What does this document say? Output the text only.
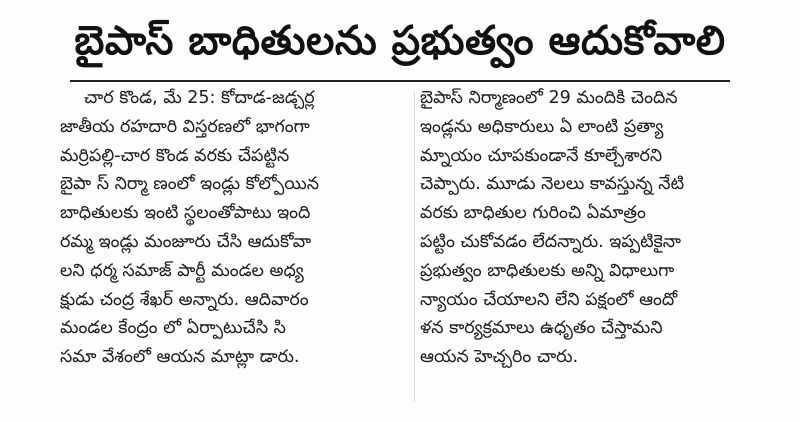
బైపాస్ బాధితులను ప్రభుత్వం ఆదుకోవాలి
చార కొండ, మే 25: కోదాడ-జడ్చర్ల
జాతీయ రహదారి విస్తరణలో భాగంగా
మర్రిపల్లి-చార కొండ వరకు చేపట్టిన
బైపా స్ నిర్మా ణంలో ఇండ్లు కోల్పోయిన
బాధితులకు ఇంటి స్థలంతోపాటు ఇంది
రమ్మ ఇండ్లు మంజూరు చేసి ఆదుకోవా
లని ధర్మ సమాజ్ పార్టీ మండల అధ్య
క్షుడు చంద్ర శేఖర్ అన్నారు. ఆదివారం
మండల కేంద్రం లో ఏర్పాటుచేసి సి
సమా వేశంలో ఆయన మాట్లా డారు.
బైపాస్ నిర్మాణంలో 29 మందికి చెందిన
ఇండ్లను అధికారులు ఏ లాంటి ప్రత్యా
మ్నాయం చూపకుండానే కూల్చేశారని
చెప్పారు. మూడు నెలలు కావస్తున్న నేటి
వరకు బాధితుల గురించి ఏమాత్రం
పట్టిం చుకోవడం లేదన్నారు. ఇప్పటికైనా
ప్రభుత్వం బాధితులకు అన్ని విధాలుగా
న్యాయం చేయాలని లేని పక్షంలో ఆందో
ళన కార్యక్రమాలు ఉధృతం చేస్తామని
ఆయన హెచ్చరిం చారు.
